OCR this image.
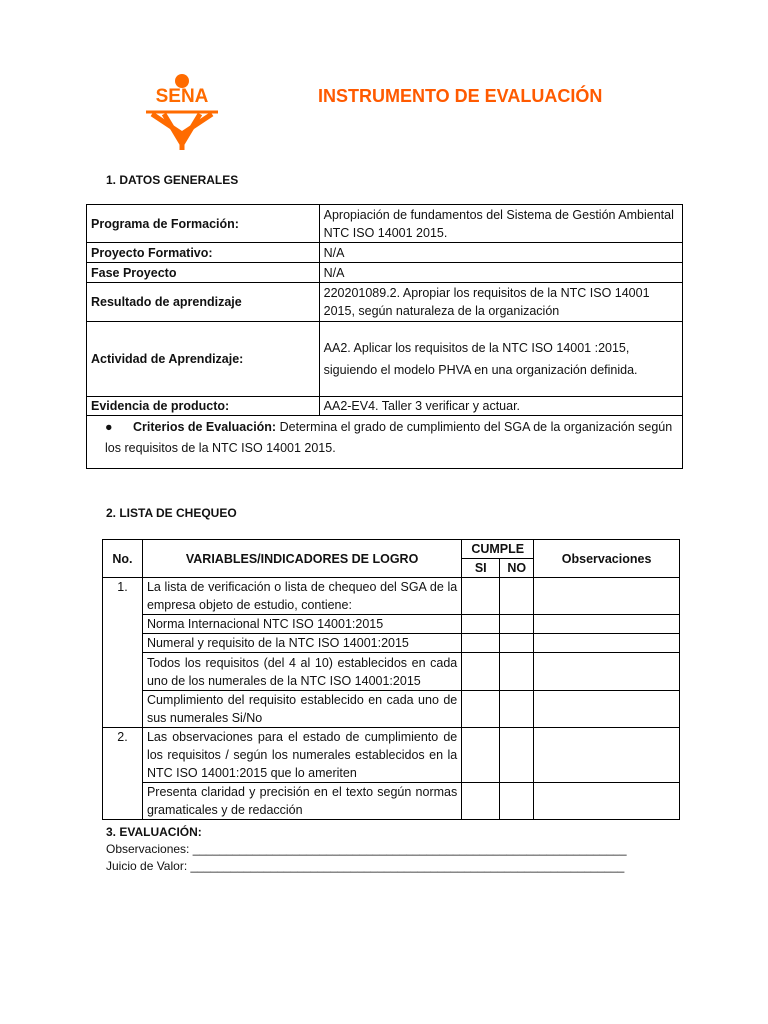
SENA	INSTRUMENTO DE EVALUACIÓN
1. DATOS GENERALES
Programa de Formación:	Apropiación de fundamentos del Sistema de Gestión Ambiental NTC ISO 14001 2015.
Proyecto Formativo:	N/A
Fase Proyecto	N/A
Resultado de aprendizaje	220201089.2. Apropiar los requisitos de la NTC ISO 14001 2015, según naturaleza de la organización
Actividad de Aprendizaje:	AA2. Aplicar los requisitos de la NTC ISO 14001 :2015, siguiendo el modelo PHVA en una organización definida.
Evidencia de producto:	AA2-EV4. Taller 3 verificar y actuar.
● Criterios de Evaluación: Determina el grado de cumplimiento del SGA de la organización según los requisitos de la NTC ISO 14001 2015.	
2. LISTA DE CHEQUEO
No.	VARIABLES/INDICADORES DE LOGRO	CUMPLE		Observaciones
		SI	NO	
1.	La lista de verificación o lista de chequeo del SGA de la empresa objeto de estudio, contiene:			
	Norma Internacional NTC ISO 14001:2015			
	Numeral y requisito de la NTC ISO 14001:2015			
	Todos los requisitos (del 4 al 10) establecidos en cada uno de los numerales de la NTC ISO 14001:2015			
	Cumplimiento del requisito establecido en cada uno de sus numerales Si/No			
2.	Las observaciones para el estado de cumplimiento de los requisitos / según los numerales establecidos en la NTC ISO 14001:2015 que lo ameriten			
	Presenta claridad y precisión en el texto según normas gramaticales y de redacción			
3. EVALUACIÓN:
Observaciones: _________________________________________________________________
Juicio de Valor: _________________________________________________________________
